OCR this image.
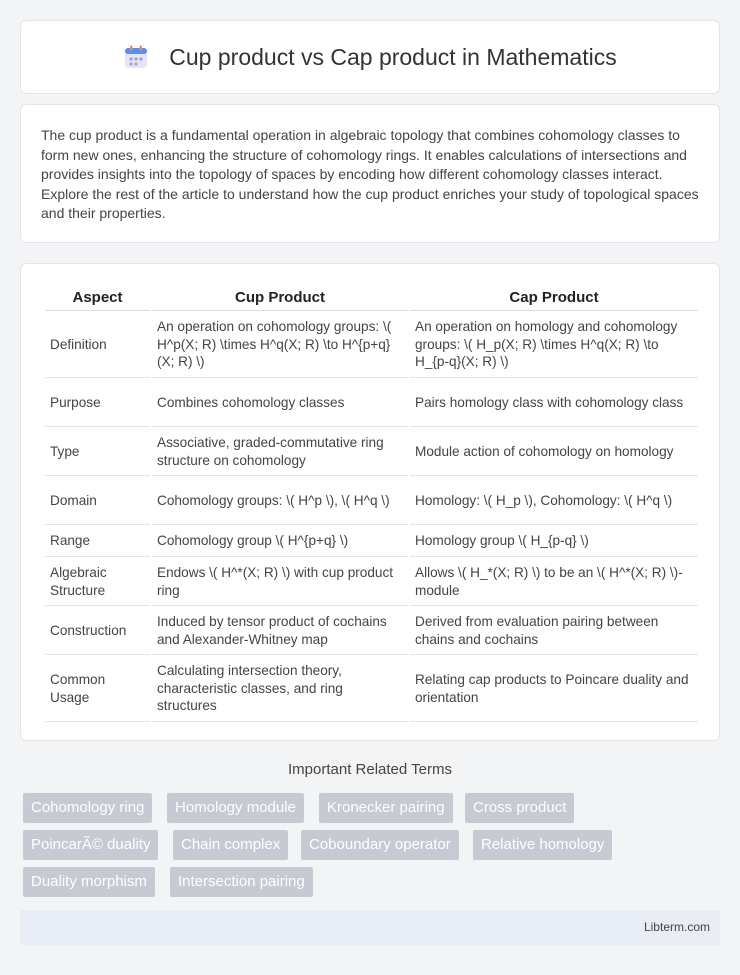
Cup product vs Cap product in Mathematics

The cup product is a fundamental operation in algebraic topology that combines cohomology classes to form new ones, enhancing the structure of cohomology rings. It enables calculations of intersections and provides insights into the topology of spaces by encoding how different cohomology classes interact. Explore the rest of the article to understand how the cup product enriches your study of topological spaces and their properties.

Aspect	Cup Product	Cap Product
Definition	An operation on cohomology groups: \( H^p(X; R) \times H^q(X; R) \to H^{p+q}(X; R) \)	An operation on homology and cohomology groups: \( H_p(X; R) \times H^q(X; R) \to H_{p-q}(X; R) \)
Purpose	Combines cohomology classes	Pairs homology class with cohomology class
Type	Associative, graded-commutative ring structure on cohomology	Module action of cohomology on homology
Domain	Cohomology groups: \( H^p \), \( H^q \)	Homology: \( H_p \), Cohomology: \( H^q \)
Range	Cohomology group \( H^{p+q} \)	Homology group \( H_{p-q} \)
Algebraic Structure	Endows \( H^*(X; R) \) with cup product ring	Allows \( H_*(X; R) \) to be an \( H^*(X; R) \)-module
Construction	Induced by tensor product of cochains and Alexander-Whitney map	Derived from evaluation pairing between chains and cochains
Common Usage	Calculating intersection theory, characteristic classes, and ring structures	Relating cap products to Poincare duality and orientation
Important Related Terms
Cohomology ring	Homology module	Kronecker pairing	Cross product
PoincarÃ© duality	Chain complex	Coboundary operator	Relative homology
Duality morphism	Intersection pairing
Libterm.com
